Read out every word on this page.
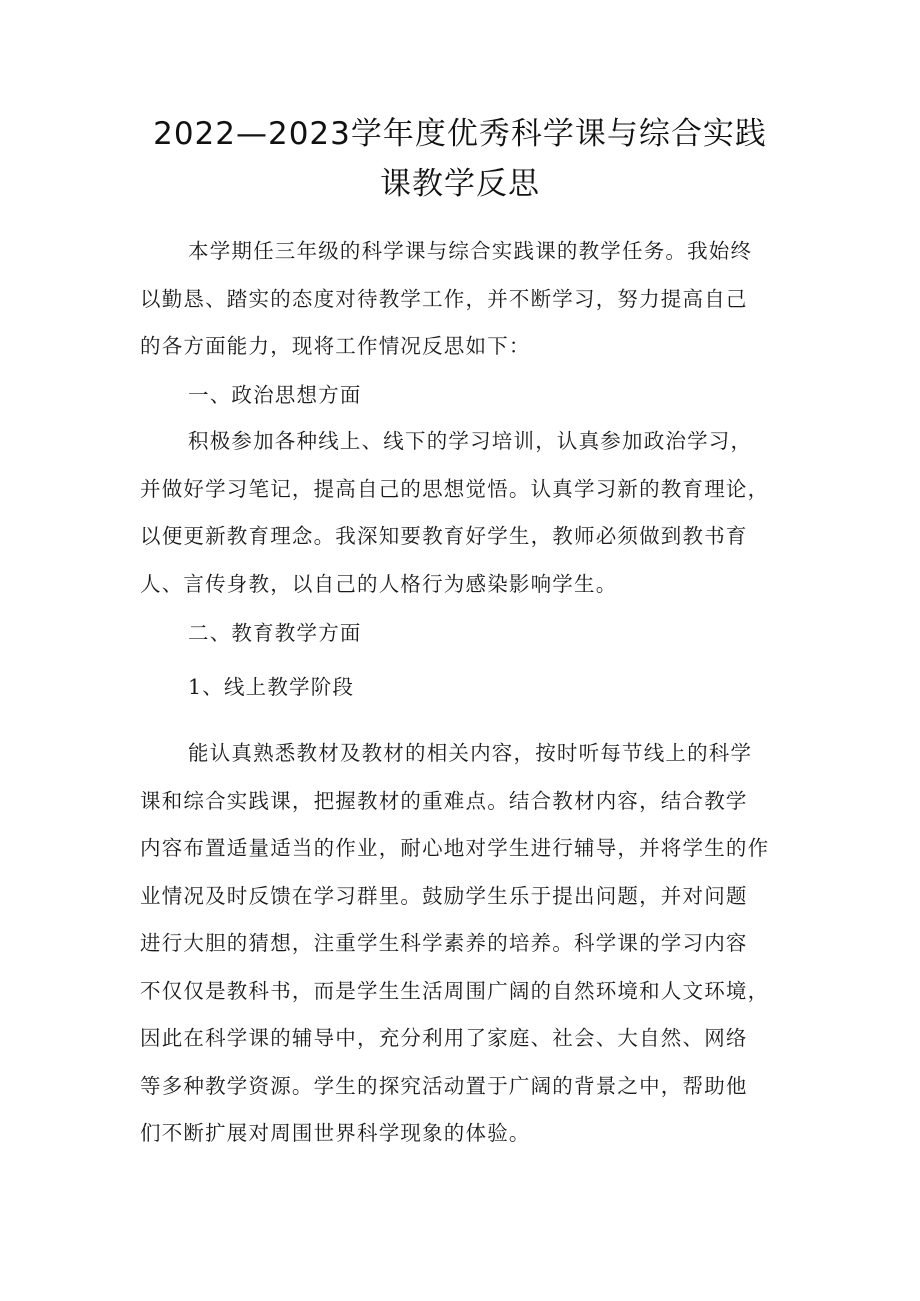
2022—2023学年度优秀科学课与综合实践
课教学反思
本学期任三年级的科学课与综合实践课的教学任务。我始终
以勤恳、踏实的态度对待教学工作，并不断学习，努力提高自己
的各方面能力，现将工作情况反思如下：
一、政治思想方面
积极参加各种线上、线下的学习培训，认真参加政治学习，
并做好学习笔记，提高自己的思想觉悟。认真学习新的教育理论，
以便更新教育理念。我深知要教育好学生，教师必须做到教书育
人、言传身教，以自己的人格行为感染影响学生。
二、教育教学方面
1、线上教学阶段
能认真熟悉教材及教材的相关内容，按时听每节线上的科学
课和综合实践课，把握教材的重难点。结合教材内容，结合教学
内容布置适量适当的作业，耐心地对学生进行辅导，并将学生的作
业情况及时反馈在学习群里。鼓励学生乐于提出问题，并对问题
进行大胆的猜想，注重学生科学素养的培养。科学课的学习内容
不仅仅是教科书，而是学生生活周围广阔的自然环境和人文环境，
因此在科学课的辅导中，充分利用了家庭、社会、大自然、网络
等多种教学资源。学生的探究活动置于广阔的背景之中，帮助他
们不断扩展对周围世界科学现象的体验。
